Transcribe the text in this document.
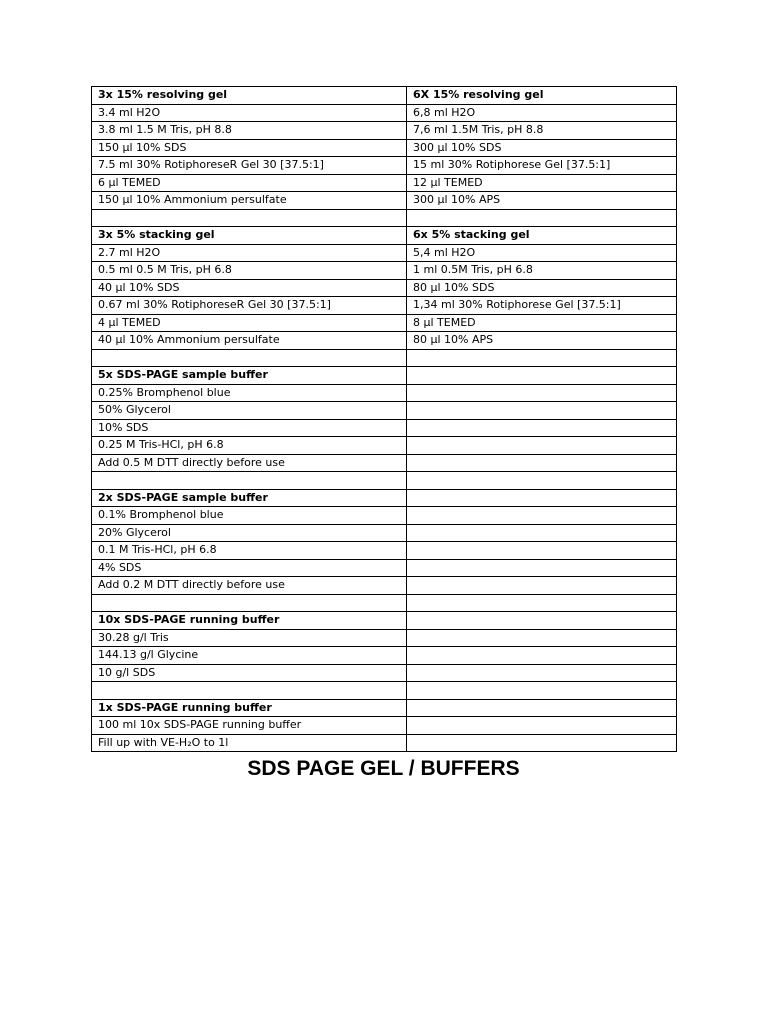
3x 15% resolving gel	6X 15% resolving gel
3.4 ml H2O	6,8 ml H2O
3.8 ml 1.5 M Tris, pH 8.8	7,6 ml 1.5M Tris, pH 8.8
150 µl 10% SDS	300 µl 10% SDS
7.5 ml 30% RotiphoreseR Gel 30 [37.5:1]	15 ml 30% Rotiphorese Gel [37.5:1]
6 µl TEMED	12 µl TEMED
150 µl 10% Ammonium persulfate	300 µl 10% APS

3x 5% stacking gel	6x 5% stacking gel
2.7 ml H2O	5,4 ml H2O
0.5 ml 0.5 M Tris, pH 6.8	1 ml 0.5M Tris, pH 6.8
40 µl 10% SDS	80 µl 10% SDS
0.67 ml 30% RotiphoreseR Gel 30 [37.5:1]	1,34 ml 30% Rotiphorese Gel [37.5:1]
4 µl TEMED	8 µl TEMED
40 µl 10% Ammonium persulfate	80 µl 10% APS

5x SDS-PAGE sample buffer	
0.25% Bromphenol blue	
50% Glycerol	
10% SDS	
0.25 M Tris-HCl, pH 6.8	
Add 0.5 M DTT directly before use	

2x SDS-PAGE sample buffer	
0.1% Bromphenol blue	
20% Glycerol	
0.1 M Tris-HCl, pH 6.8	
4% SDS	
Add 0.2 M DTT directly before use	

10x SDS-PAGE running buffer	
30.28 g/l Tris	
144.13 g/l Glycine	
10 g/l SDS	

1x SDS-PAGE running buffer	
100 ml 10x SDS-PAGE running buffer	
Fill up with VE-H₂O to 1l	
SDS PAGE GEL / BUFFERS
